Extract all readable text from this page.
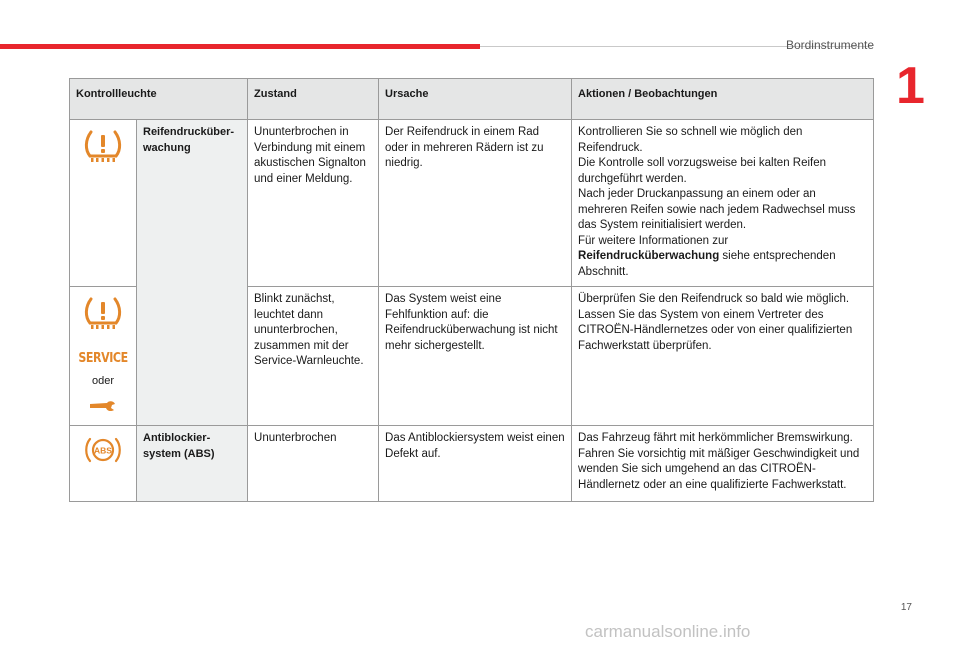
Bordinstrumente
1
Kontrollleuchte		Zustand	Ursache	Aktionen / Beobachtungen

	Reifendrucküber-wachung	Ununterbrochen in Verbindung mit einem akustischen Signalton und einer Meldung.	Der Reifendruck in einem Rad oder in mehreren Rädern ist zu niedrig.	Kontrollieren Sie so schnell wie möglich den Reifendruck.
Die Kontrolle soll vorzugsweise bei kalten Reifen durchgeführt werden.
Nach jeder Druckanpassung an einem oder an mehreren Reifen sowie nach jedem Radwechsel muss das System reinitialisiert werden.
Für weitere Informationen zur
Reifendrucküberwachung siehe entsprechenden Abschnitt.

SERVICE
oder		Blinkt zunächst, leuchtet dann ununterbrochen, zusammen mit der Service-Warnleuchte.	Das System weist eine Fehlfunktion auf: die Reifendrucküberwachung ist nicht mehr sichergestellt.	Überprüfen Sie den Reifendruck so bald wie möglich. Lassen Sie das System von einem Vertreter des CITROËN-Händlernetzes oder von einer qualifizierten Fachwerkstatt überprüfen.

ABS	Antiblockier-system (ABS)	Ununterbrochen	Das Antiblockiersystem weist einen Defekt auf.	Das Fahrzeug fährt mit herkömmlicher Bremswirkung. Fahren Sie vorsichtig mit mäßiger Geschwindigkeit und wenden Sie sich umgehend an das CITROËN-Händlernetz oder an eine qualifizierte Fachwerkstatt.
17
carmanualsonline.info
